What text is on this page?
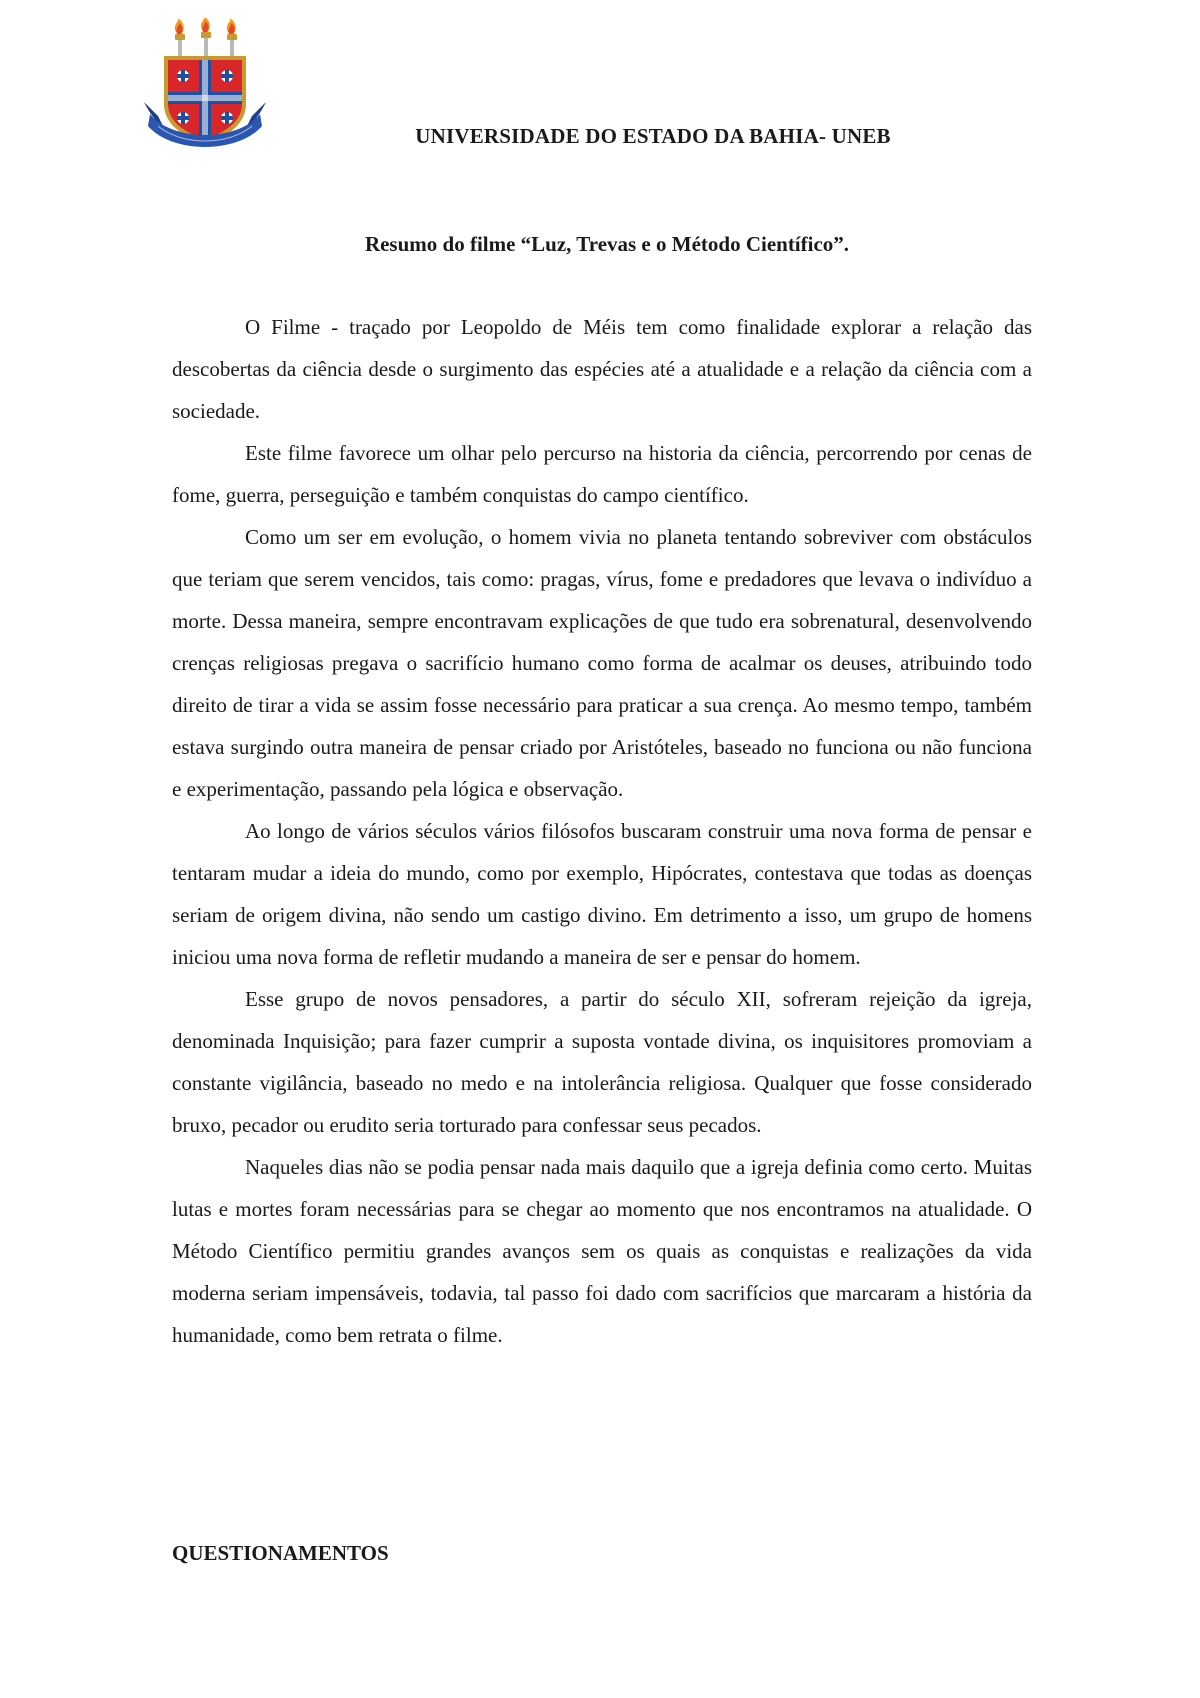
UNIVERSIDADE DO ESTADO DA BAHIA- UNEB
Resumo do filme “Luz, Trevas e o Método Científico”.

O Filme - traçado por Leopoldo de Méis tem como finalidade explorar a relação das descobertas da ciência desde o surgimento das espécies até a atualidade e a relação da ciência com a sociedade.

Este filme favorece um olhar pelo percurso na historia da ciência, percorrendo por cenas de fome, guerra, perseguição e também conquistas do campo científico.

Como um ser em evolução, o homem vivia no planeta tentando sobreviver com obstáculos que teriam que serem vencidos, tais como: pragas, vírus, fome e predadores que levava o indivíduo a morte. Dessa maneira, sempre encontravam explicações de que tudo era sobrenatural, desenvolvendo crenças religiosas pregava o sacrifício humano como forma de acalmar os deuses, atribuindo todo direito de tirar a vida se assim fosse necessário para praticar a sua crença. Ao mesmo tempo, também estava surgindo outra maneira de pensar criado por Aristóteles, baseado no funciona ou não funciona e experimentação, passando pela lógica e observação.

Ao longo de vários séculos vários filósofos buscaram construir uma nova forma de pensar e tentaram mudar a ideia do mundo, como por exemplo, Hipócrates, contestava que todas as doenças seriam de origem divina, não sendo um castigo divino. Em detrimento a isso, um grupo de homens iniciou uma nova forma de refletir mudando a maneira de ser e pensar do homem.

Esse grupo de novos pensadores, a partir do século XII, sofreram rejeição da igreja, denominada Inquisição; para fazer cumprir a suposta vontade divina, os inquisitores promoviam a constante vigilância, baseado no medo e na intolerância religiosa. Qualquer que fosse considerado bruxo, pecador ou erudito seria torturado para confessar seus pecados.

Naqueles dias não se podia pensar nada mais daquilo que a igreja definia como certo. Muitas lutas e mortes foram necessárias para se chegar ao momento que nos encontramos na atualidade. O Método Científico permitiu grandes avanços sem os quais as conquistas e realizações da vida moderna seriam impensáveis, todavia, tal passo foi dado com sacrifícios que marcaram a história da humanidade, como bem retrata o filme.

QUESTIONAMENTOS
